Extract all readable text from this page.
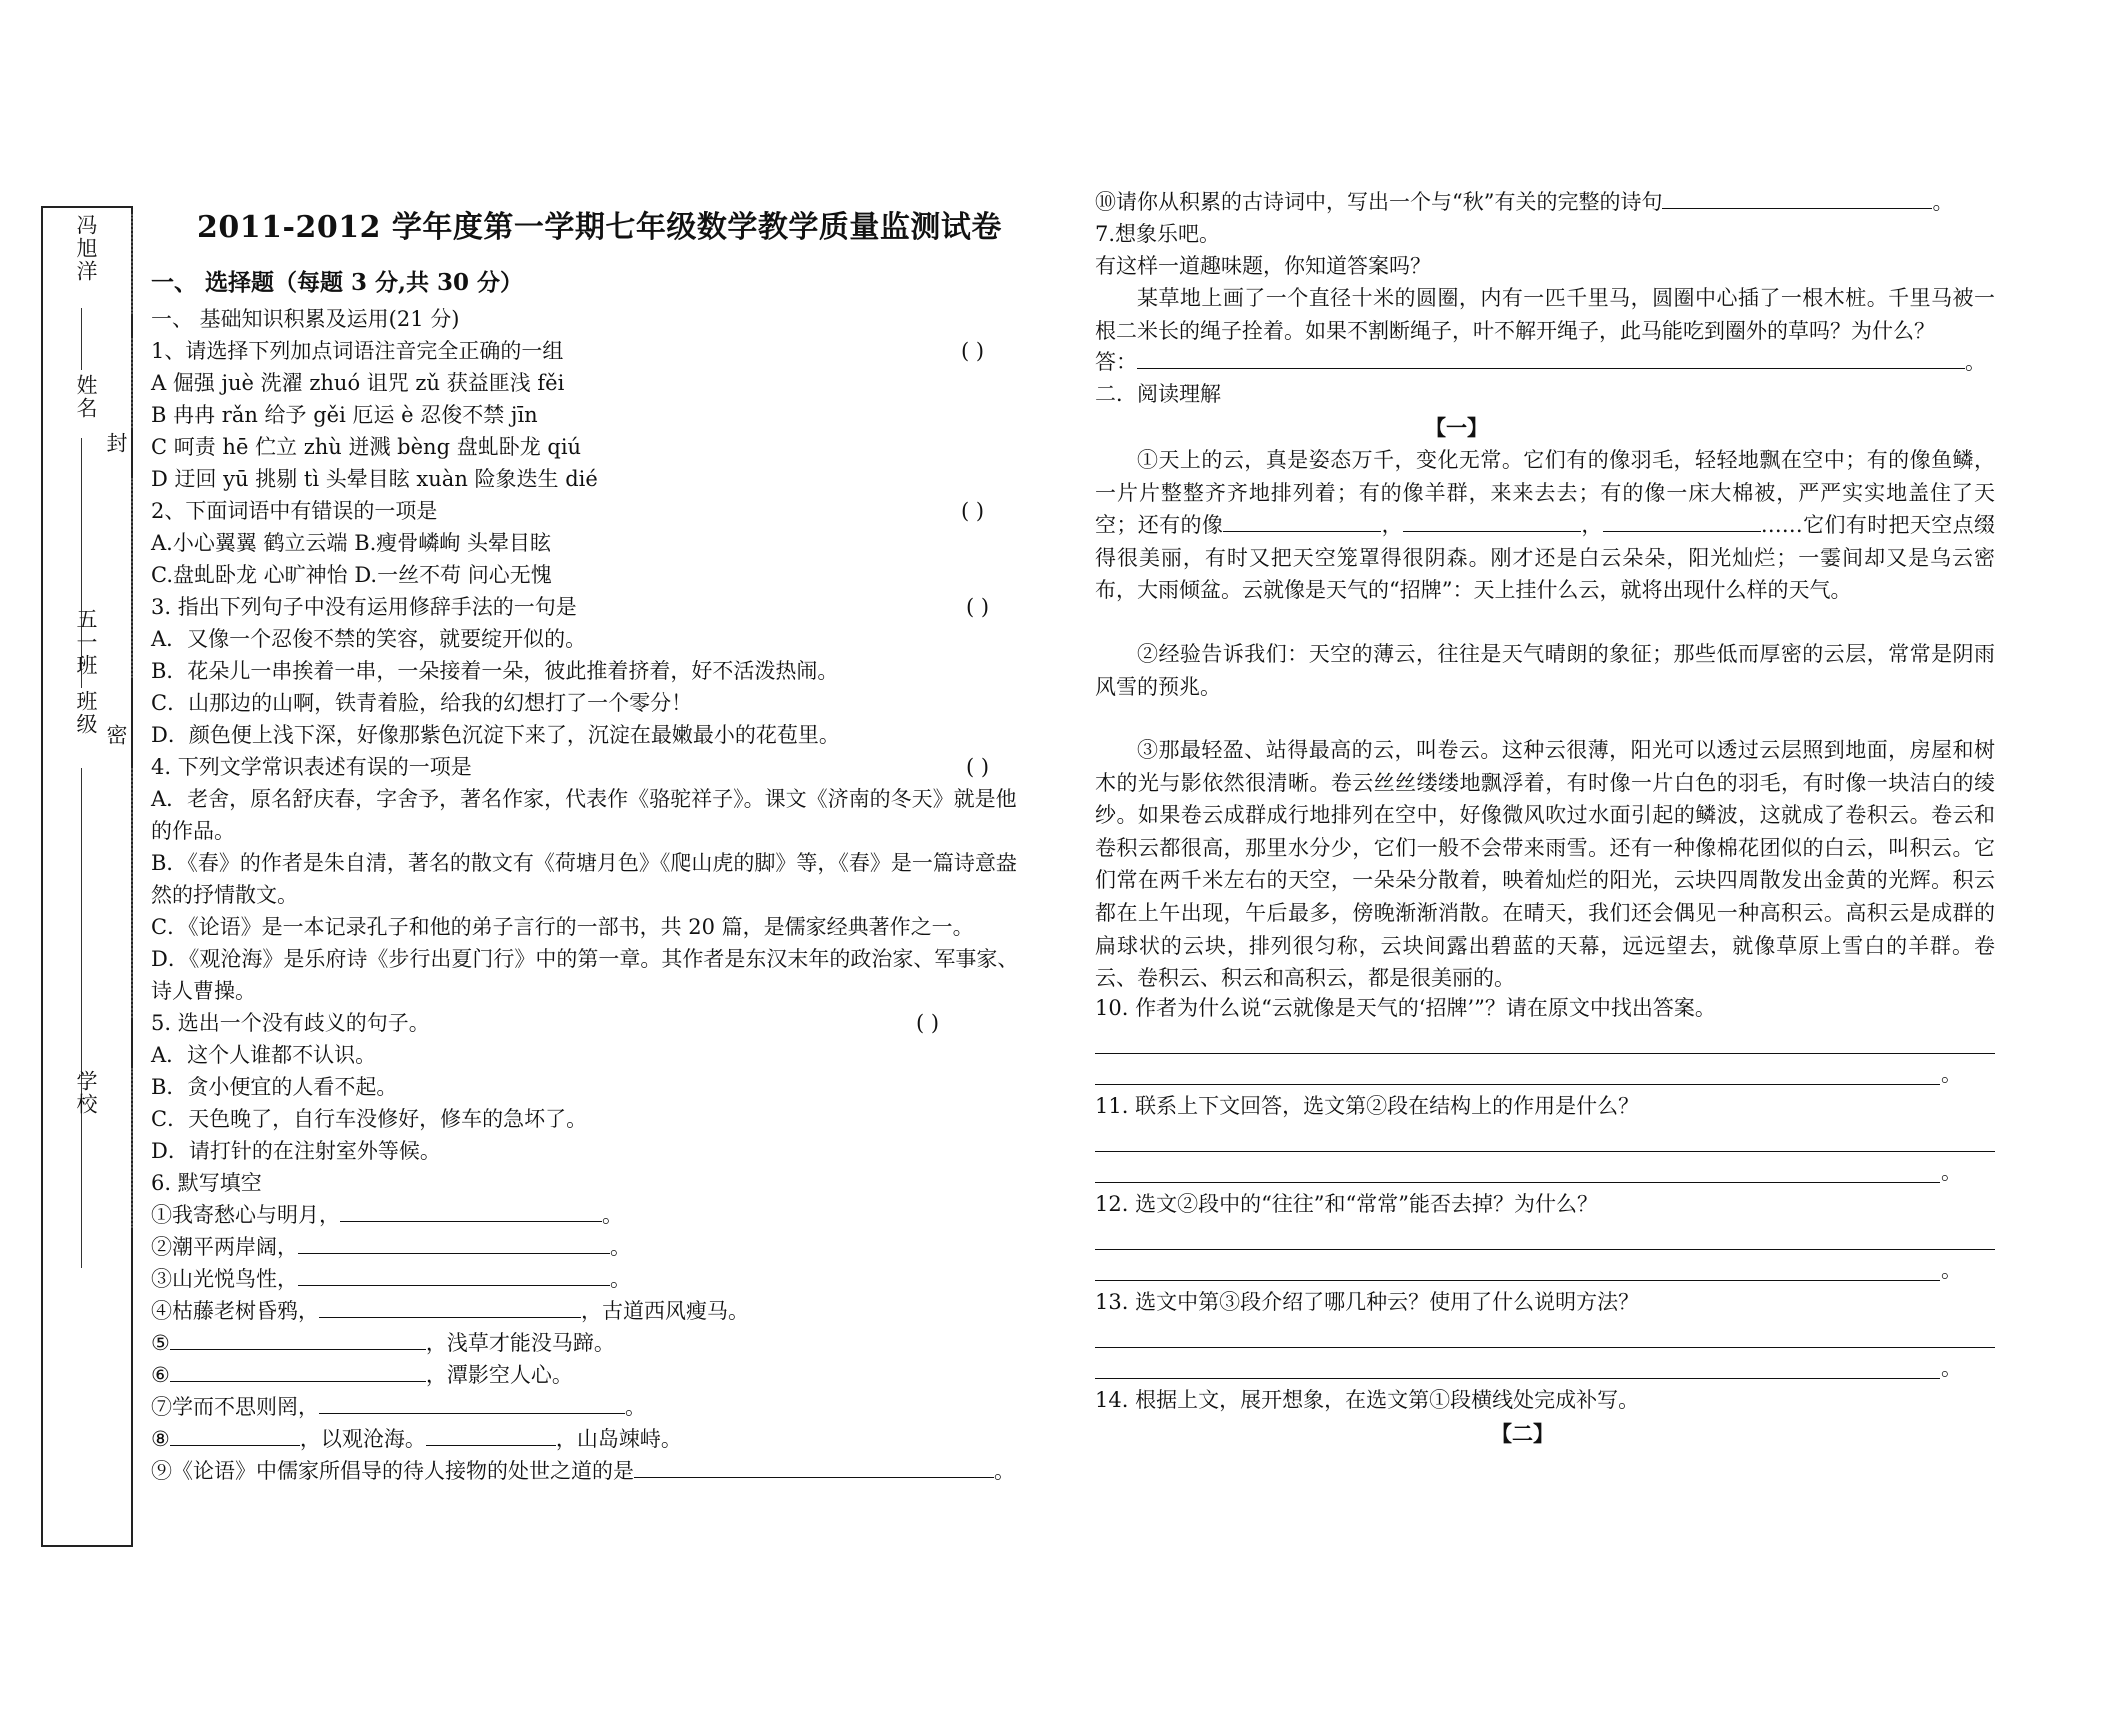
冯旭洋
姓名
封
班级
五一班
密
学校
2011-2012 学年度第一学期七年级数学教学质量监测试卷
一、 选择题（每题 3 分,共 30 分）
一、 基础知识积累及运用(21 分)
1、请选择下列加点词语注音完全正确的一组	( )
A 倔强 juè 洗濯 zhuó 诅咒 zǔ 获益匪浅 fěi
B 冉冉 rǎn 给予 gěi 厄运 è 忍俊不禁 jīn
C 呵责 hē 伫立 zhù 迸溅 bèng 盘虬卧龙 qiú
D 迂回 yū 挑剔 tì 头晕目眩 xuàn 险象迭生 dié
2、下面词语中有错误的一项是	( )
A.小心翼翼 鹤立云端 B.瘦骨嶙峋 头晕目眩
C.盘虬卧龙 心旷神怡 D.一丝不苟 问心无愧
3. 指出下列句子中没有运用修辞手法的一句是	( )
A．又像一个忍俊不禁的笑容，就要绽开似的。
B．花朵儿一串挨着一串，一朵接着一朵，彼此推着挤着，好不活泼热闹。
C．山那边的山啊，铁青着脸，给我的幻想打了一个零分！
D．颜色便上浅下深，好像那紫色沉淀下来了，沉淀在最嫩最小的花苞里。
4. 下列文学常识表述有误的一项是	( )
A．老舍，原名舒庆春，字舍予，著名作家，代表作《骆驼祥子》。课文《济南的冬天》就是他
的作品。
B．《春》的作者是朱自清，著名的散文有《荷塘月色》《爬山虎的脚》等，《春》是一篇诗意盎
然的抒情散文。
C．《论语》是一本记录孔子和他的弟子言行的一部书，共 20 篇，是儒家经典著作之一。
D．《观沧海》是乐府诗《步行出夏门行》中的第一章。其作者是东汉末年的政治家、军事家、
诗人曹操。
5. 选出一个没有歧义的句子。	( )
A．这个人谁都不认识。
B．贪小便宜的人看不起。
C．天色晚了，自行车没修好，修车的急坏了。
D．请打针的在注射室外等候。
6. 默写填空
①我寄愁心与明月，	。
②潮平两岸阔，	。
③山光悦鸟性，	。
④枯藤老树昏鸦，	，古道西风瘦马。
⑤	，浅草才能没马蹄。
⑥	，潭影空人心。
⑦学而不思则罔，	。
⑧	，以观沧海。	，山岛竦峙。
⑨《论语》中儒家所倡导的待人接物的处世之道的是	。
⑩请你从积累的古诗词中，写出一个与“秋”有关的完整的诗句	。
7.想象乐吧。
有这样一道趣味题，你知道答案吗？
某草地上画了一个直径十米的圆圈，内有一匹千里马，圆圈中心插了一根木桩。千里马被一根二米长的绳子拴着。如果不割断绳子，叶不解开绳子，此马能吃到圈外的草吗？为什么？
答：	。
二．阅读理解
【一】
①天上的云，真是姿态万千，变化无常。它们有的像羽毛，轻轻地飘在空中；有的像鱼鳞，一片片整整齐齐地排列着；有的像羊群，来来去去；有的像一床大棉被，严严实实地盖住了天空；还有的像	，	，	……它们有时把天空点缀得很美丽，有时又把天空笼罩得很阴森。刚才还是白云朵朵，阳光灿烂；一霎间却又是乌云密布，大雨倾盆。云就像是天气的“招牌”：天上挂什么云，就将出现什么样的天气。
②经验告诉我们：天空的薄云，往往是天气晴朗的象征；那些低而厚密的云层，常常是阴雨风雪的预兆。
③那最轻盈、站得最高的云，叫卷云。这种云很薄，阳光可以透过云层照到地面，房屋和树木的光与影依然很清晰。卷云丝丝缕缕地飘浮着，有时像一片白色的羽毛，有时像一块洁白的绫纱。如果卷云成群成行地排列在空中，好像微风吹过水面引起的鳞波，这就成了卷积云。卷云和卷积云都很高，那里水分少，它们一般不会带来雨雪。还有一种像棉花团似的白云，叫积云。它们常在两千米左右的天空，一朵朵分散着，映着灿烂的阳光，云块四周散发出金黄的光辉。积云都在上午出现，午后最多，傍晚渐渐消散。在晴天，我们还会偶见一种高积云。高积云是成群的扁球状的云块，排列很匀称，云块间露出碧蓝的天幕，远远望去，就像草原上雪白的羊群。卷云、卷积云、积云和高积云，都是很美丽的。
10. 作者为什么说“云就像是天气的‘招牌’”？请在原文中找出答案。
。
11. 联系上下文回答，选文第②段在结构上的作用是什么？
。
12. 选文②段中的“往往”和“常常”能否去掉？为什么？
。
13. 选文中第③段介绍了哪几种云？使用了什么说明方法？
。
14. 根据上文，展开想象，在选文第①段横线处完成补写。
【二】
